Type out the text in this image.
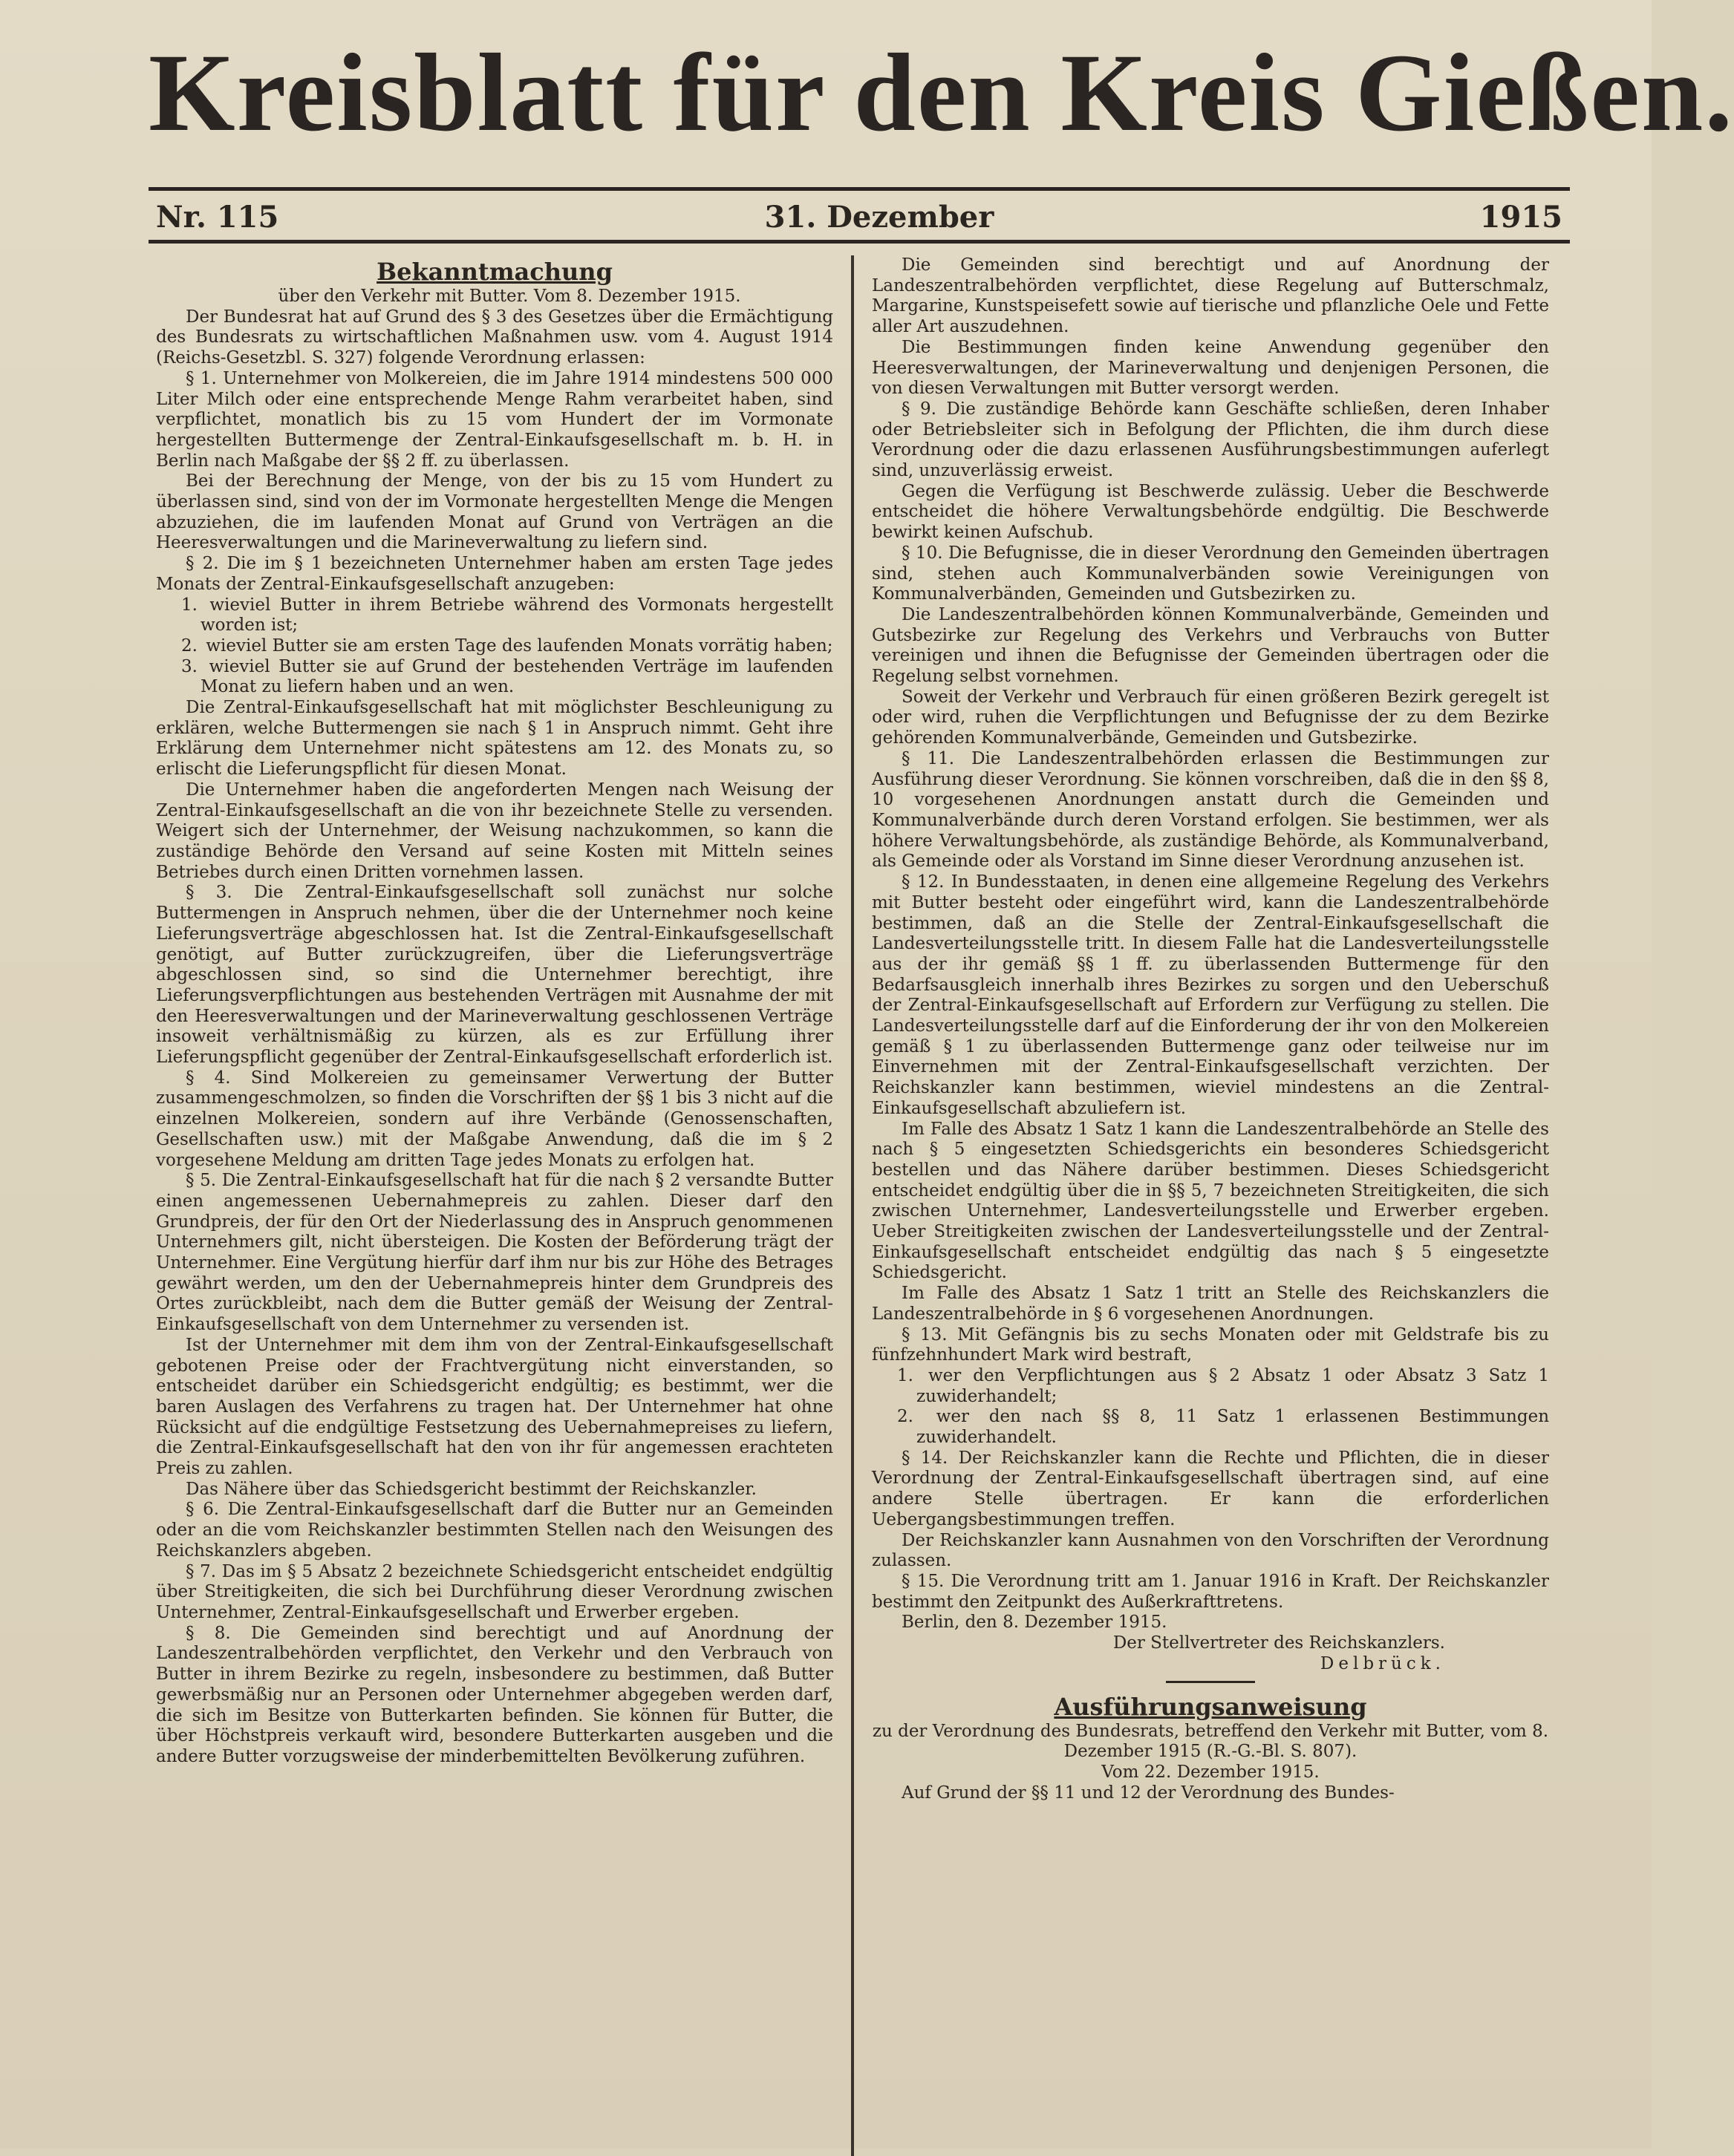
Kreisblatt für den Kreis Gießen.
Nr. 115	31. Dezember	1915
Bekanntmachung

über den Verkehr mit Butter. Vom 8. Dezember 1915.

Der Bundesrat hat auf Grund des § 3 des Gesetzes über die Ermächtigung des Bundesrats zu wirtschaftlichen Maßnahmen usw. vom 4. August 1914 (Reichs-Gesetzbl. S. 327) folgende Verordnung erlassen:

§ 1. Unternehmer von Molkereien, die im Jahre 1914 mindestens 500 000 Liter Milch oder eine entsprechende Menge Rahm verarbeitet haben, sind verpflichtet, monatlich bis zu 15 vom Hundert der im Vormonate hergestellten Buttermenge der Zentral-Einkaufsgesellschaft m. b. H. in Berlin nach Maßgabe der §§ 2 ff. zu überlassen.

Bei der Berechnung der Menge, von der bis zu 15 vom Hundert zu überlassen sind, sind von der im Vormonate hergestellten Menge die Mengen abzuziehen, die im laufenden Monat auf Grund von Verträgen an die Heeresverwaltungen und die Marineverwaltung zu liefern sind.

§ 2. Die im § 1 bezeichneten Unternehmer haben am ersten Tage jedes Monats der Zentral-Einkaufsgesellschaft anzugeben:

1. wieviel Butter in ihrem Betriebe während des Vormonats hergestellt worden ist;
2. wieviel Butter sie am ersten Tage des laufenden Monats vorrätig haben;
3. wieviel Butter sie auf Grund der bestehenden Verträge im laufenden Monat zu liefern haben und an wen.

Die Zentral-Einkaufsgesellschaft hat mit möglichster Beschleunigung zu erklären, welche Buttermengen sie nach § 1 in Anspruch nimmt. Geht ihre Erklärung dem Unternehmer nicht spätestens am 12. des Monats zu, so erlischt die Lieferungspflicht für diesen Monat.

Die Unternehmer haben die angeforderten Mengen nach Weisung der Zentral-Einkaufsgesellschaft an die von ihr bezeichnete Stelle zu versenden. Weigert sich der Unternehmer, der Weisung nachzukommen, so kann die zuständige Behörde den Versand auf seine Kosten mit Mitteln seines Betriebes durch einen Dritten vornehmen lassen.

§ 3. Die Zentral-Einkaufsgesellschaft soll zunächst nur solche Buttermengen in Anspruch nehmen, über die der Unternehmer noch keine Lieferungsverträge abgeschlossen hat. Ist die Zentral-Einkaufsgesellschaft genötigt, auf Butter zurückzugreifen, über die Lieferungsverträge abgeschlossen sind, so sind die Unternehmer berechtigt, ihre Lieferungsverpflichtungen aus bestehenden Verträgen mit Ausnahme der mit den Heeresverwaltungen und der Marineverwaltung geschlossenen Verträge insoweit verhältnismäßig zu kürzen, als es zur Erfüllung ihrer Lieferungspflicht gegenüber der Zentral-Einkaufsgesellschaft erforderlich ist.

§ 4. Sind Molkereien zu gemeinsamer Verwertung der Butter zusammengeschmolzen, so finden die Vorschriften der §§ 1 bis 3 nicht auf die einzelnen Molkereien, sondern auf ihre Verbände (Genossenschaften, Gesellschaften usw.) mit der Maßgabe Anwendung, daß die im § 2 vorgesehene Meldung am dritten Tage jedes Monats zu erfolgen hat.

§ 5. Die Zentral-Einkaufsgesellschaft hat für die nach § 2 versandte Butter einen angemessenen Uebernahmepreis zu zahlen. Dieser darf den Grundpreis, der für den Ort der Niederlassung des in Anspruch genommenen Unternehmers gilt, nicht übersteigen. Die Kosten der Beförderung trägt der Unternehmer. Eine Vergütung hierfür darf ihm nur bis zur Höhe des Betrages gewährt werden, um den der Uebernahmepreis hinter dem Grundpreis des Ortes zurückbleibt, nach dem die Butter gemäß der Weisung der Zentral-Einkaufsgesellschaft von dem Unternehmer zu versenden ist.

Ist der Unternehmer mit dem ihm von der Zentral-Einkaufsgesellschaft gebotenen Preise oder der Frachtvergütung nicht einverstanden, so entscheidet darüber ein Schiedsgericht endgültig; es bestimmt, wer die baren Auslagen des Verfahrens zu tragen hat. Der Unternehmer hat ohne Rücksicht auf die endgültige Festsetzung des Uebernahmepreises zu liefern, die Zentral-Einkaufsgesellschaft hat den von ihr für angemessen erachteten Preis zu zahlen.

Das Nähere über das Schiedsgericht bestimmt der Reichskanzler.

§ 6. Die Zentral-Einkaufsgesellschaft darf die Butter nur an Gemeinden oder an die vom Reichskanzler bestimmten Stellen nach den Weisungen des Reichskanzlers abgeben.

§ 7. Das im § 5 Absatz 2 bezeichnete Schiedsgericht entscheidet endgültig über Streitigkeiten, die sich bei Durchführung dieser Verordnung zwischen Unternehmer, Zentral-Einkaufsgesellschaft und Erwerber ergeben.

§ 8. Die Gemeinden sind berechtigt und auf Anordnung der Landeszentralbehörden verpflichtet, den Verkehr und den Verbrauch von Butter in ihrem Bezirke zu regeln, insbesondere zu bestimmen, daß Butter gewerbsmäßig nur an Personen oder Unternehmer abgegeben werden darf, die sich im Besitze von Butterkarten befinden. Sie können für Butter, die über Höchstpreis verkauft wird, besondere Butterkarten ausgeben und die andere Butter vorzugsweise der minderbemittelten Bevölkerung zuführen.

Die Gemeinden sind berechtigt und auf Anordnung der Landeszentralbehörden verpflichtet, diese Regelung auf Butterschmalz, Margarine, Kunstspeisefett sowie auf tierische und pflanzliche Oele und Fette aller Art auszudehnen.

Die Bestimmungen finden keine Anwendung gegenüber den Heeresverwaltungen, der Marineverwaltung und denjenigen Personen, die von diesen Verwaltungen mit Butter versorgt werden.

§ 9. Die zuständige Behörde kann Geschäfte schließen, deren Inhaber oder Betriebsleiter sich in Befolgung der Pflichten, die ihm durch diese Verordnung oder die dazu erlassenen Ausführungsbestimmungen auferlegt sind, unzuverlässig erweist.

Gegen die Verfügung ist Beschwerde zulässig. Ueber die Beschwerde entscheidet die höhere Verwaltungsbehörde endgültig. Die Beschwerde bewirkt keinen Aufschub.

§ 10. Die Befugnisse, die in dieser Verordnung den Gemeinden übertragen sind, stehen auch Kommunalverbänden sowie Vereinigungen von Kommunalverbänden, Gemeinden und Gutsbezirken zu.

Die Landeszentralbehörden können Kommunalverbände, Gemeinden und Gutsbezirke zur Regelung des Verkehrs und Verbrauchs von Butter vereinigen und ihnen die Befugnisse der Gemeinden übertragen oder die Regelung selbst vornehmen.

Soweit der Verkehr und Verbrauch für einen größeren Bezirk geregelt ist oder wird, ruhen die Verpflichtungen und Befugnisse der zu dem Bezirke gehörenden Kommunalverbände, Gemeinden und Gutsbezirke.

§ 11. Die Landeszentralbehörden erlassen die Bestimmungen zur Ausführung dieser Verordnung. Sie können vorschreiben, daß die in den §§ 8, 10 vorgesehenen Anordnungen anstatt durch die Gemeinden und Kommunalverbände durch deren Vorstand erfolgen. Sie bestimmen, wer als höhere Verwaltungsbehörde, als zuständige Behörde, als Kommunalverband, als Gemeinde oder als Vorstand im Sinne dieser Verordnung anzusehen ist.

§ 12. In Bundesstaaten, in denen eine allgemeine Regelung des Verkehrs mit Butter besteht oder eingeführt wird, kann die Landeszentralbehörde bestimmen, daß an die Stelle der Zentral-Einkaufsgesellschaft die Landesverteilungsstelle tritt. In diesem Falle hat die Landesverteilungsstelle aus der ihr gemäß §§ 1 ff. zu überlassenden Buttermenge für den Bedarfsausgleich innerhalb ihres Bezirkes zu sorgen und den Ueberschuß der Zentral-Einkaufsgesellschaft auf Erfordern zur Verfügung zu stellen. Die Landesverteilungsstelle darf auf die Einforderung der ihr von den Molkereien gemäß § 1 zu überlassenden Buttermenge ganz oder teilweise nur im Einvernehmen mit der Zentral-Einkaufsgesellschaft verzichten. Der Reichskanzler kann bestimmen, wieviel mindestens an die Zentral-Einkaufsgesellschaft abzuliefern ist.

Im Falle des Absatz 1 Satz 1 kann die Landeszentralbehörde an Stelle des nach § 5 eingesetzten Schiedsgerichts ein besonderes Schiedsgericht bestellen und das Nähere darüber bestimmen. Dieses Schiedsgericht entscheidet endgültig über die in §§ 5, 7 bezeichneten Streitigkeiten, die sich zwischen Unternehmer, Landesverteilungsstelle und Erwerber ergeben. Ueber Streitigkeiten zwischen der Landesverteilungsstelle und der Zentral-Einkaufsgesellschaft entscheidet endgültig das nach § 5 eingesetzte Schiedsgericht.

Im Falle des Absatz 1 Satz 1 tritt an Stelle des Reichskanzlers die Landeszentralbehörde in § 6 vorgesehenen Anordnungen.

§ 13. Mit Gefängnis bis zu sechs Monaten oder mit Geldstrafe bis zu fünfzehnhundert Mark wird bestraft,

1. wer den Verpflichtungen aus § 2 Absatz 1 oder Absatz 3 Satz 1 zuwiderhandelt;
2. wer den nach §§ 8, 11 Satz 1 erlassenen Bestimmungen zuwiderhandelt.

§ 14. Der Reichskanzler kann die Rechte und Pflichten, die in dieser Verordnung der Zentral-Einkaufsgesellschaft übertragen sind, auf eine andere Stelle übertragen. Er kann die erforderlichen Uebergangsbestimmungen treffen.

Der Reichskanzler kann Ausnahmen von den Vorschriften der Verordnung zulassen.

§ 15. Die Verordnung tritt am 1. Januar 1916 in Kraft. Der Reichskanzler bestimmt den Zeitpunkt des Außerkrafttretens.

Berlin, den 8. Dezember 1915.

Der Stellvertreter des Reichskanzlers.

Delbrück.

Ausführungsanweisung

zu der Verordnung des Bundesrats, betreffend den Verkehr mit Butter, vom 8. Dezember 1915 (R.-G.-Bl. S. 807).

Vom 22. Dezember 1915.

Auf Grund der §§ 11 und 12 der Verordnung des Bundes-
